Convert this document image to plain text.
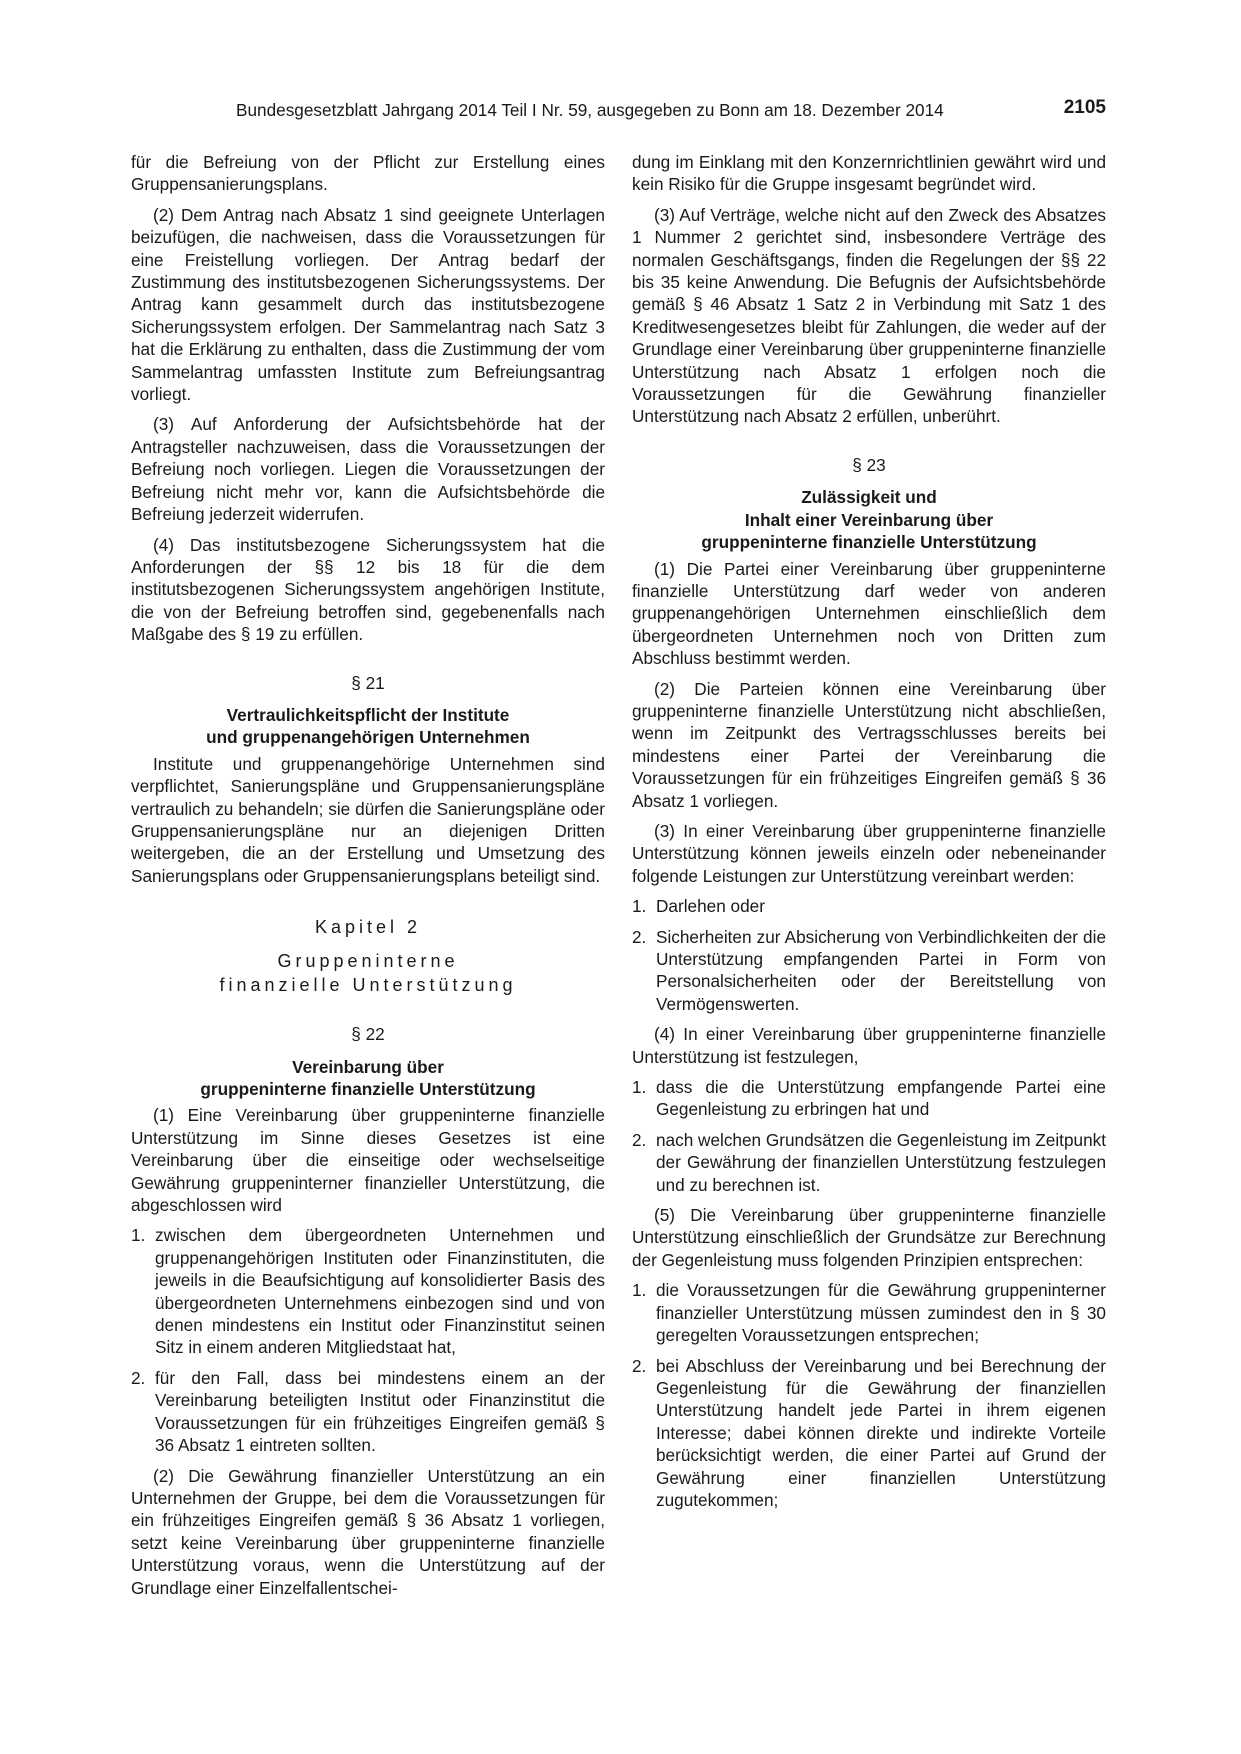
Bundesgesetzblatt Jahrgang 2014 Teil I Nr. 59, ausgegeben zu Bonn am 18. Dezember 2014	2105

für die Befreiung von der Pflicht zur Erstellung eines Gruppensanierungsplans.

(2) Dem Antrag nach Absatz 1 sind geeignete Unterlagen beizufügen, die nachweisen, dass die Voraussetzungen für eine Freistellung vorliegen. Der Antrag bedarf der Zustimmung des institutsbezogenen Sicherungssystems. Der Antrag kann gesammelt durch das institutsbezogene Sicherungssystem erfolgen. Der Sammelantrag nach Satz 3 hat die Erklärung zu enthalten, dass die Zustimmung der vom Sammelantrag umfassten Institute zum Befreiungsantrag vorliegt.

(3) Auf Anforderung der Aufsichtsbehörde hat der Antragsteller nachzuweisen, dass die Voraussetzungen der Befreiung noch vorliegen. Liegen die Voraussetzungen der Befreiung nicht mehr vor, kann die Aufsichtsbehörde die Befreiung jederzeit widerrufen.

(4) Das institutsbezogene Sicherungssystem hat die Anforderungen der §§ 12 bis 18 für die dem institutsbezogenen Sicherungssystem angehörigen Institute, die von der Befreiung betroffen sind, gegebenenfalls nach Maßgabe des § 19 zu erfüllen.

§ 21
Vertraulichkeitspflicht der Institute
und gruppenangehörigen Unternehmen

Institute und gruppenangehörige Unternehmen sind verpflichtet, Sanierungspläne und Gruppensanierungspläne vertraulich zu behandeln; sie dürfen die Sanierungspläne oder Gruppensanierungspläne nur an diejenigen Dritten weitergeben, die an der Erstellung und Umsetzung des Sanierungsplans oder Gruppensanierungsplans beteiligt sind.

Kapitel 2
Gruppeninterne
finanzielle Unterstützung
§ 22
Vereinbarung über
gruppeninterne finanzielle Unterstützung

(1) Eine Vereinbarung über gruppeninterne finanzielle Unterstützung im Sinne dieses Gesetzes ist eine Vereinbarung über die einseitige oder wechselseitige Gewährung gruppeninterner finanzieller Unterstützung, die abgeschlossen wird

1. zwischen dem übergeordneten Unternehmen und gruppenangehörigen Instituten oder Finanzinstituten, die jeweils in die Beaufsichtigung auf konsolidierter Basis des übergeordneten Unternehmens einbezogen sind und von denen mindestens ein Institut oder Finanzinstitut seinen Sitz in einem anderen Mitgliedstaat hat,
2. für den Fall, dass bei mindestens einem an der Vereinbarung beteiligten Institut oder Finanzinstitut die Voraussetzungen für ein frühzeitiges Eingreifen gemäß § 36 Absatz 1 eintreten sollten.

(2) Die Gewährung finanzieller Unterstützung an ein Unternehmen der Gruppe, bei dem die Voraussetzungen für ein frühzeitiges Eingreifen gemäß § 36 Absatz 1 vorliegen, setzt keine Vereinbarung über gruppeninterne finanzielle Unterstützung voraus, wenn die Unterstützung auf der Grundlage einer Einzelfallentschei-

dung im Einklang mit den Konzernrichtlinien gewährt wird und kein Risiko für die Gruppe insgesamt begründet wird.

(3) Auf Verträge, welche nicht auf den Zweck des Absatzes 1 Nummer 2 gerichtet sind, insbesondere Verträge des normalen Geschäftsgangs, finden die Regelungen der §§ 22 bis 35 keine Anwendung. Die Befugnis der Aufsichtsbehörde gemäß § 46 Absatz 1 Satz 2 in Verbindung mit Satz 1 des Kreditwesengesetzes bleibt für Zahlungen, die weder auf der Grundlage einer Vereinbarung über gruppeninterne finanzielle Unterstützung nach Absatz 1 erfolgen noch die Voraussetzungen für die Gewährung finanzieller Unterstützung nach Absatz 2 erfüllen, unberührt.

§ 23
Zulässigkeit und
Inhalt einer Vereinbarung über
gruppeninterne finanzielle Unterstützung

(1) Die Partei einer Vereinbarung über gruppeninterne finanzielle Unterstützung darf weder von anderen gruppenangehörigen Unternehmen einschließlich dem übergeordneten Unternehmen noch von Dritten zum Abschluss bestimmt werden.

(2) Die Parteien können eine Vereinbarung über gruppeninterne finanzielle Unterstützung nicht abschließen, wenn im Zeitpunkt des Vertragsschlusses bereits bei mindestens einer Partei der Vereinbarung die Voraussetzungen für ein frühzeitiges Eingreifen gemäß § 36 Absatz 1 vorliegen.

(3) In einer Vereinbarung über gruppeninterne finanzielle Unterstützung können jeweils einzeln oder nebeneinander folgende Leistungen zur Unterstützung vereinbart werden:

1. Darlehen oder
2. Sicherheiten zur Absicherung von Verbindlichkeiten der die Unterstützung empfangenden Partei in Form von Personalsicherheiten oder der Bereitstellung von Vermögenswerten.

(4) In einer Vereinbarung über gruppeninterne finanzielle Unterstützung ist festzulegen,

1. dass die die Unterstützung empfangende Partei eine Gegenleistung zu erbringen hat und
2. nach welchen Grundsätzen die Gegenleistung im Zeitpunkt der Gewährung der finanziellen Unterstützung festzulegen und zu berechnen ist.

(5) Die Vereinbarung über gruppeninterne finanzielle Unterstützung einschließlich der Grundsätze zur Berechnung der Gegenleistung muss folgenden Prinzipien entsprechen:

1. die Voraussetzungen für die Gewährung gruppeninterner finanzieller Unterstützung müssen zumindest den in § 30 geregelten Voraussetzungen entsprechen;
2. bei Abschluss der Vereinbarung und bei Berechnung der Gegenleistung für die Gewährung der finanziellen Unterstützung handelt jede Partei in ihrem eigenen Interesse; dabei können direkte und indirekte Vorteile berücksichtigt werden, die einer Partei auf Grund der Gewährung einer finanziellen Unterstützung zugutekommen;
